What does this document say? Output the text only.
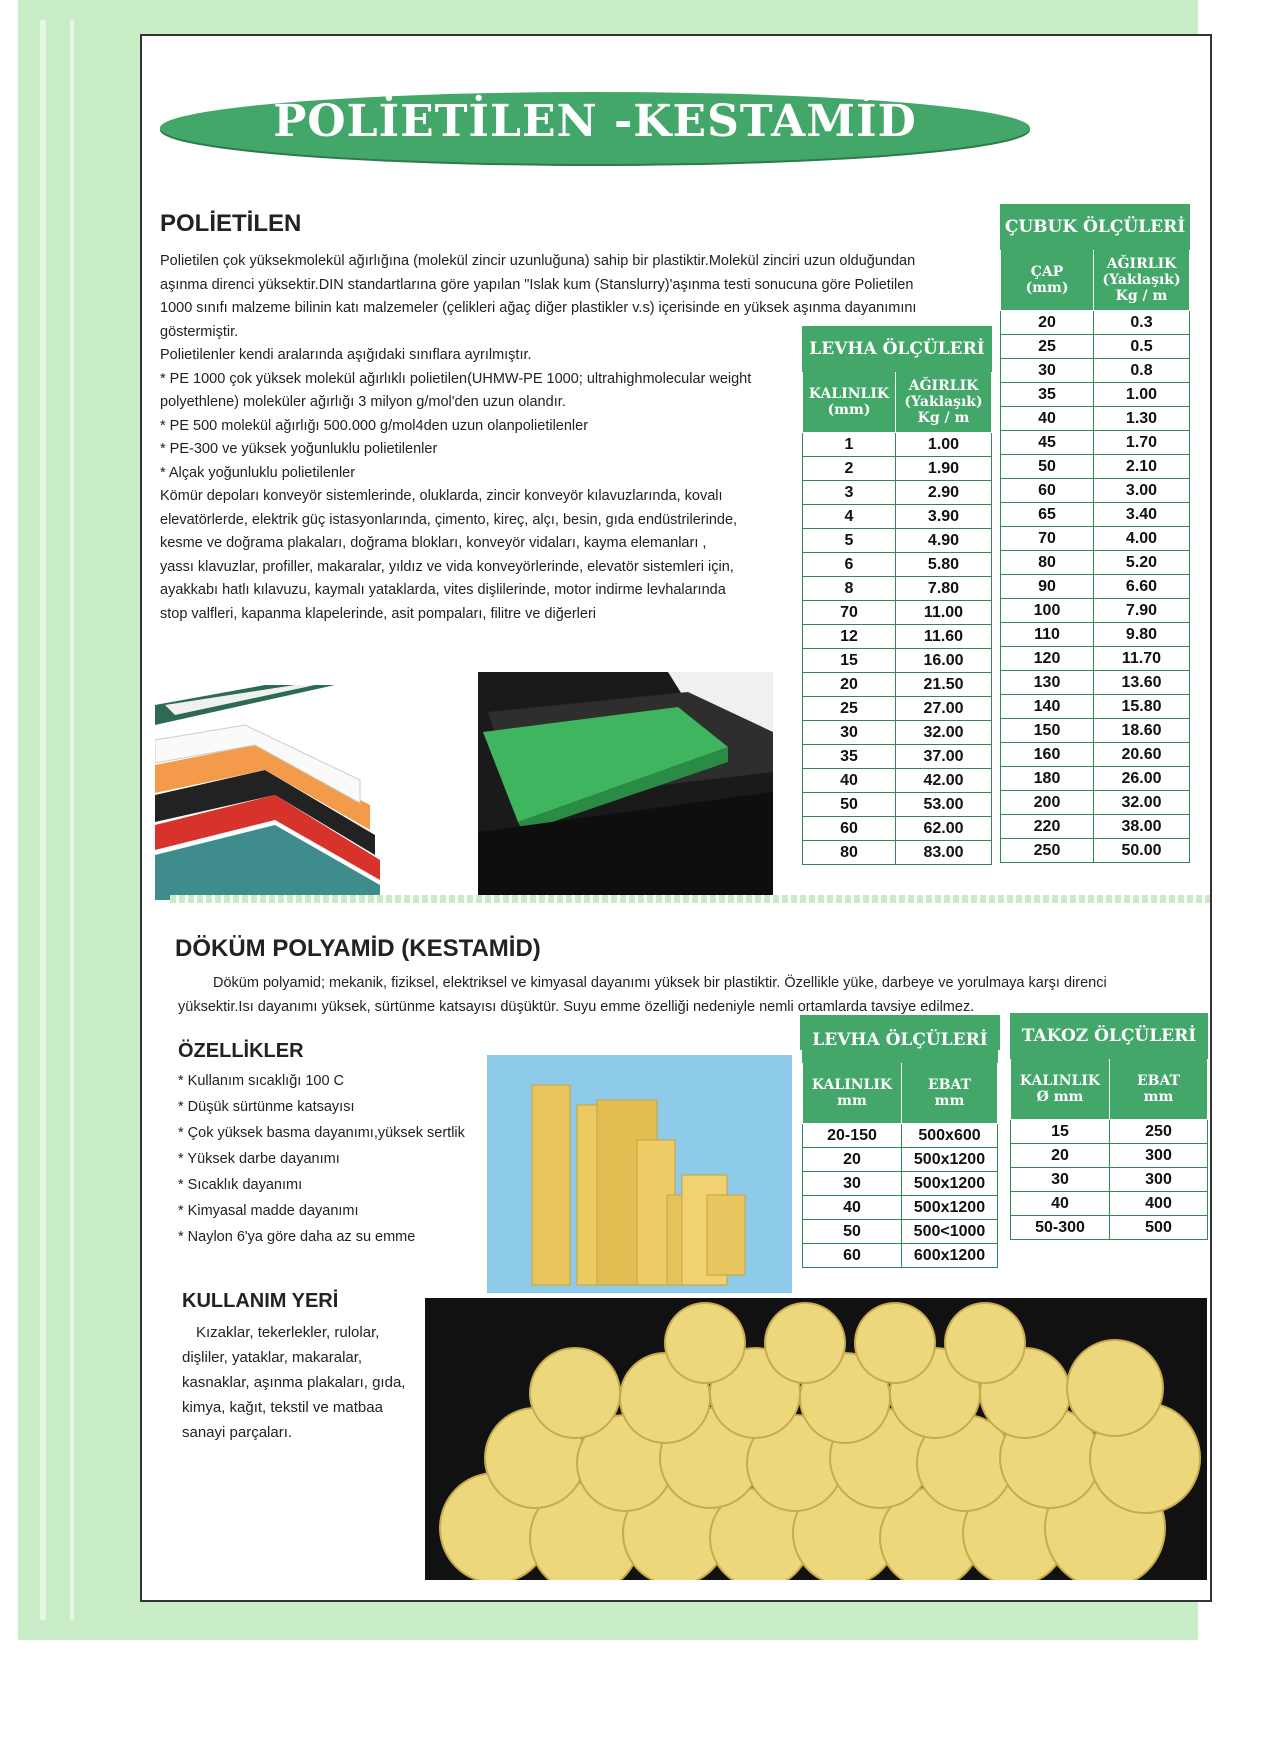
POLİETİLEN -KESTAMİD
POLİETİLEN
Polietilen çok yüksekmolekül ağırlığına (molekül zincir uzunluğuna) sahip bir plastiktir.Molekül zinciri uzun olduğundan
aşınma direnci yüksektir.DIN standartlarına göre yapılan "Islak kum (Stanslurry)'aşınma testi sonucuna göre Polietilen
1000 sınıfı malzeme bilinin katı malzemeler (çelikleri ağaç diğer plastikler v.s) içerisinde en yüksek aşınma dayanımını
göstermiştir.
Polietilenler kendi aralarında aşığıdaki sınıflara ayrılmıştır.
* PE 1000 çok yüksek molekül ağırlıklı polietilen(UHMW-PE 1000; ultrahighmolecular weight
polyethlene) moleküler ağırlığı 3 milyon g/mol'den uzun olandır.
* PE 500 molekül ağırlığı 500.000 g/mol4den uzun olanpolietilenler
* PE-300 ve yüksek yoğunluklu polietilenler
* Alçak yoğunluklu polietilenler
Kömür depoları konveyör sistemlerinde, oluklarda, zincir konveyör kılavuzlarında, kovalı
elevatörlerde, elektrik güç istasyonlarında, çimento, kireç, alçı, besin, gıda endüstrilerinde,
kesme ve doğrama plakaları, doğrama blokları, konveyör vidaları, kayma elemanları ,
yassı klavuzlar, profiller, makaralar, yıldız ve vida konveyörlerinde, elevatör sistemleri için,
ayakkabı hatlı kılavuzu, kaymalı yataklarda, vites dişlilerinde, motor indirme levhalarında
stop valfleri, kapanma klapelerinde, asit pompaları, filitre ve diğerleri
LEVHA ÖLÇÜLERİ	
KALINLIK
(mm)	AĞIRLIK
(Yaklaşık)
Kg / m
1	1.00
2	1.90
3	2.90
4	3.90
5	4.90
6	5.80
8	7.80
70	11.00
12	11.60
15	16.00
20	21.50
25	27.00
30	32.00
35	37.00
40	42.00
50	53.00
60	62.00
80	83.00
ÇUBUK ÖLÇÜLERİ	
ÇAP
(mm)	AĞIRLIK
(Yaklaşık)
Kg / m
20	0.3
25	0.5
30	0.8
35	1.00
40	1.30
45	1.70
50	2.10
60	3.00
65	3.40
70	4.00
80	5.20
90	6.60
100	7.90
110	9.80
120	11.70
130	13.60
140	15.80
150	18.60
160	20.60
180	26.00
200	32.00
220	38.00
250	50.00
DÖKÜM POLYAMİD (KESTAMİD)
Döküm polyamid; mekanik, fiziksel, elektriksel ve kimyasal dayanımı yüksek bir plastiktir. Özellikle yüke, darbeye ve yorulmaya karşı direnci
yüksektir.Isı dayanımı yüksek, sürtünme katsayısı düşüktür. Suyu emme özelliği nedeniyle nemli ortamlarda tavsiye edilmez.
ÖZELLİKLER
* Kullanım sıcaklığı 100 C
* Düşük sürtünme katsayısı
* Çok yüksek basma dayanımı,yüksek sertlik
* Yüksek darbe dayanımı
* Sıcaklık dayanımı
* Kimyasal madde dayanımı
* Naylon 6'ya göre daha az su emme
LEVHA ÖLÇÜLERİ	
KALINLIK
mm	EBAT
mm
20-150	500x600
20	500x1200
30	500x1200
40	500x1200
50	500<1000
60	600x1200
TAKOZ ÖLÇÜLERİ	
KALINLIK
Ø mm	EBAT
mm
15	250
20	300
30	300
40	400
50-300	500
KULLANIM YERİ
Kızaklar, tekerlekler, rulolar,
dişliler, yataklar, makaralar,
kasnaklar, aşınma plakaları, gıda,
kimya, kağıt, tekstil ve matbaa
sanayi parçaları.
